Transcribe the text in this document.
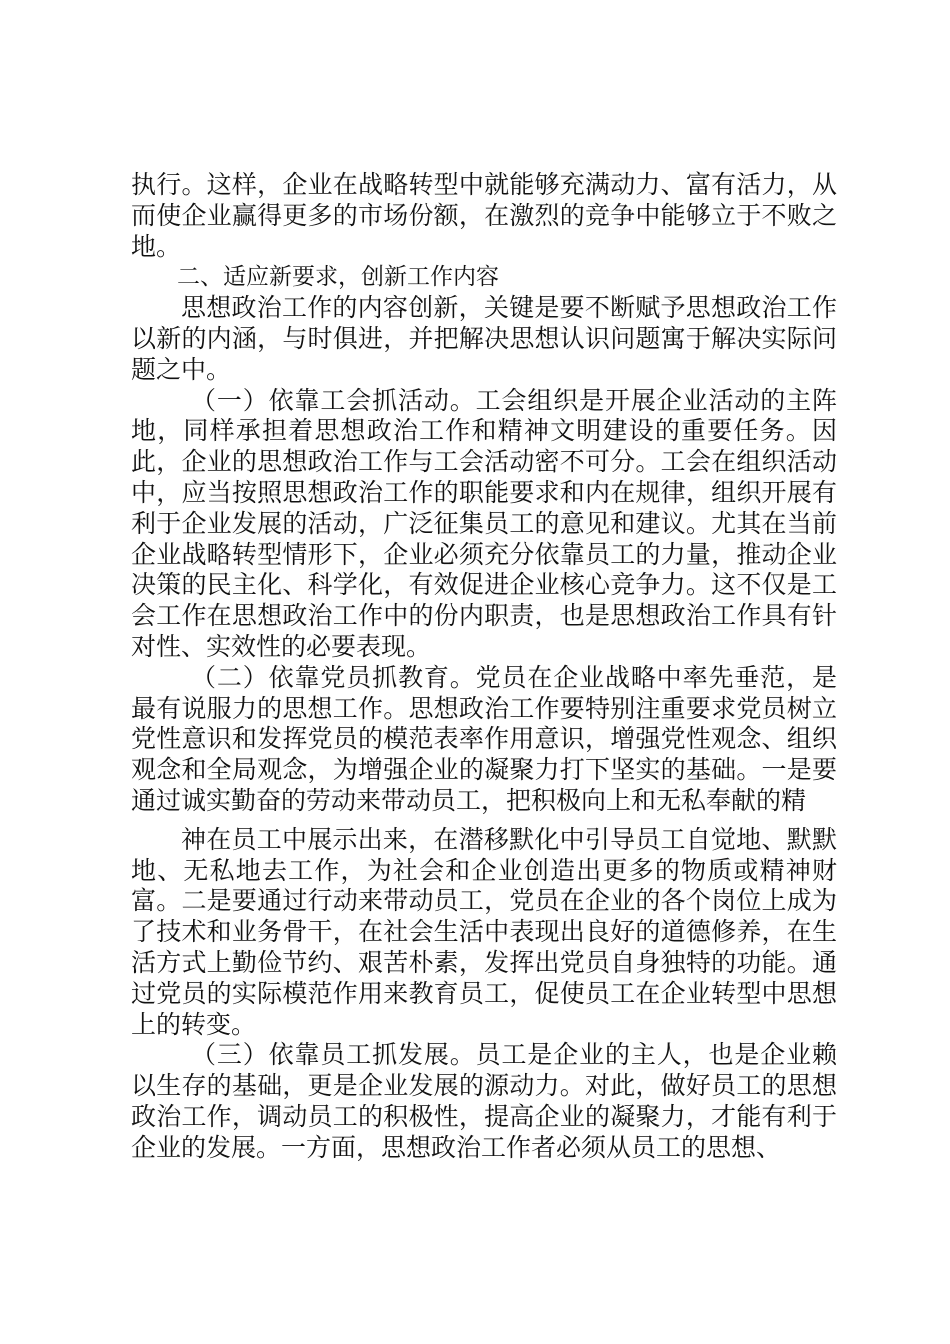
执行。这样，企业在战略转型中就能够充满动力、富有活力，从而使企业赢得更多的市场份额，在激烈的竞争中能够立于不败之地。

二、适应新要求，创新工作内容

思想政治工作的内容创新，关键是要不断赋予思想政治工作以新的内涵，与时俱进，并把解决思想认识问题寓于解决实际问题之中。

（一）依靠工会抓活动。工会组织是开展企业活动的主阵地，同样承担着思想政治工作和精神文明建设的重要任务。因此，企业的思想政治工作与工会活动密不可分。工会在组织活动中，应当按照思想政治工作的职能要求和内在规律，组织开展有利于企业发展的活动，广泛征集员工的意见和建议。尤其在当前企业战略转型情形下，企业必须充分依靠员工的力量，推动企业决策的民主化、科学化，有效促进企业核心竞争力。这不仅是工会工作在思想政治工作中的份内职责，也是思想政治工作具有针对性、实效性的必要表现。

（二）依靠党员抓教育。党员在企业战略中率先垂范，是最有说服力的思想工作。思想政治工作要特别注重要求党员树立党性意识和发挥党员的模范表率作用意识，增强党性观念、组织观念和全局观念，为增强企业的凝聚力打下坚实的基础。一是要通过诚实勤奋的劳动来带动员工，把积极向上和无私奉献的精

神在员工中展示出来，在潜移默化中引导员工自觉地、默默地、无私地去工作，为社会和企业创造出更多的物质或精神财富。二是要通过行动来带动员工，党员在企业的各个岗位上成为了技术和业务骨干，在社会生活中表现出良好的道德修养，在生活方式上勤俭节约、艰苦朴素，发挥出党员自身独特的功能。通过党员的实际模范作用来教育员工，促使员工在企业转型中思想上的转变。

（三）依靠员工抓发展。员工是企业的主人，也是企业赖以生存的基础，更是企业发展的源动力。对此，做好员工的思想政治工作，调动员工的积极性，提高企业的凝聚力，才能有利于企业的发展。一方面，思想政治工作者必须从员工的思想、
